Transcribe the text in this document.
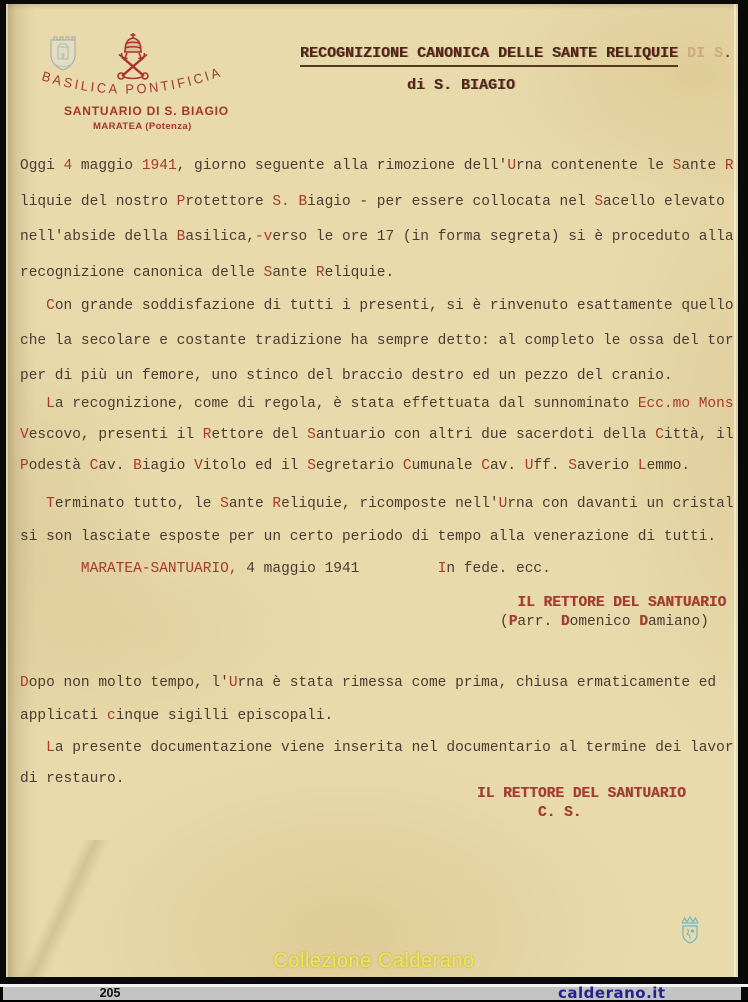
BASILICA PONTIFICIA
SANTUARIO DI S. BIAGIO
MARATEA (Potenza)
RECOGNIZIONE CANONICA DELLE SANTE RELIQUIE DI S.
di S. BIAGIO
Oggi 4 maggio 1941, giorno seguente alla rimozione dell'Urna contenente le Sante R
liquie del nostro Protettore S. Biagio - per essere collocata nel Sacello elevato
nell'abside della Basilica,-verso le ore 17 (in forma segreta) si è proceduto alla
recognizione canonica delle Sante Reliquie.
Con grande soddisfazione di tutti i presenti, si è rinvenuto esattamente quello
che la secolare e costante tradizione ha sempre detto: al completo le ossa del tor
per di più un femore, uno stinco del braccio destro ed un pezzo del cranio.
La recognizione, come di regola, è stata effettuata dal sunnominato Ecc.mo Mons
Vescovo, presenti il Rettore del Santuario con altri due sacerdoti della Città, il
Podestà Cav. Biagio Vitolo ed il Segretario Cumunale Cav. Uff. Saverio Lemmo.
Terminato tutto, le Sante Reliquie, ricomposte nell'Urna con davanti un cristal
si son lasciate esposte per un certo periodo di tempo alla venerazione di tutti.
MARATEA-SANTUARIO, 4 maggio 1941         In fede. ecc.
IL RETTORE DEL SANTUARIO
(Parr. Domenico Damiano)
Dopo non molto tempo, l'Urna è stata rimessa come prima, chiusa ermaticamente ed
applicati cinque sigilli episcopali.
La presente documentazione viene inserita nel documentario al termine dei lavor
di restauro.
IL RETTORE DEL SANTUARIO
C. S.
Collezione Calderano
205	calderano.it
